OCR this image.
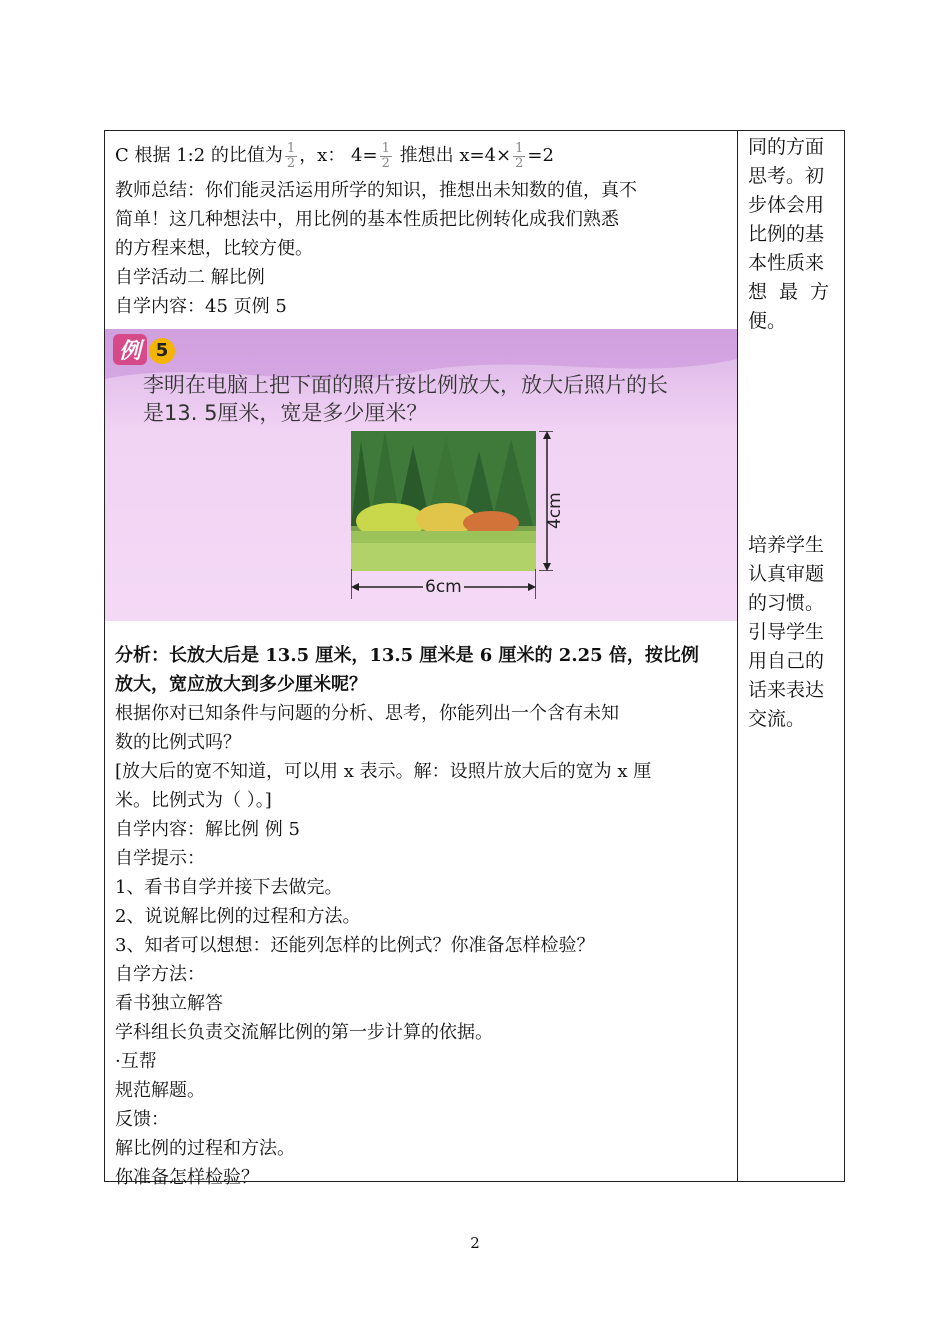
C 根据 1:2 的比值为 $\frac{1}{2}$ ，x： $4= \frac{1}{2}$ 推想出 $x=4\times \frac{1}{2} =2$
教师总结：你们能灵活运用所学的知识，推想出未知数的值，真不
简单！这几种想法中，用比例的基本性质把比例转化成我们熟悉
的方程来想，比较方便。
自学活动二 解比例
自学内容：45 页例 5
例 5
李明在电脑上把下面的照片按比例放大，放大后照片的长
是13. 5厘米，宽是多少厘米？
4cm
6cm
分析：长放大后是 13.5 厘米，13.5 厘米是 6 厘米的 2.25 倍，按比例
放大，宽应放大到多少厘米呢？
根据你对已知条件与问题的分析、思考，你能列出一个含有未知
数的比例式吗？
[放大后的宽不知道，可以用 x 表示。解：设照片放大后的宽为 x 厘
米。比例式为（ ）。]
自学内容：解比例 例 5
自学提示：
1、看书自学并接下去做完。
2、说说解比例的过程和方法。
3、知者可以想想：还能列怎样的比例式？你准备怎样检验？
自学方法：
看书独立解答
学科组长负责交流解比例的第一步计算的依据。
·互帮
规范解题。
反馈：
解比例的过程和方法。
你准备怎样检验？
同的方面
思考。初
步体会用
比例的基
本性质来
想  最  方
便。
培养学生
认真审题
的习惯。
引导学生
用自己的
话来表达
交流。
2
